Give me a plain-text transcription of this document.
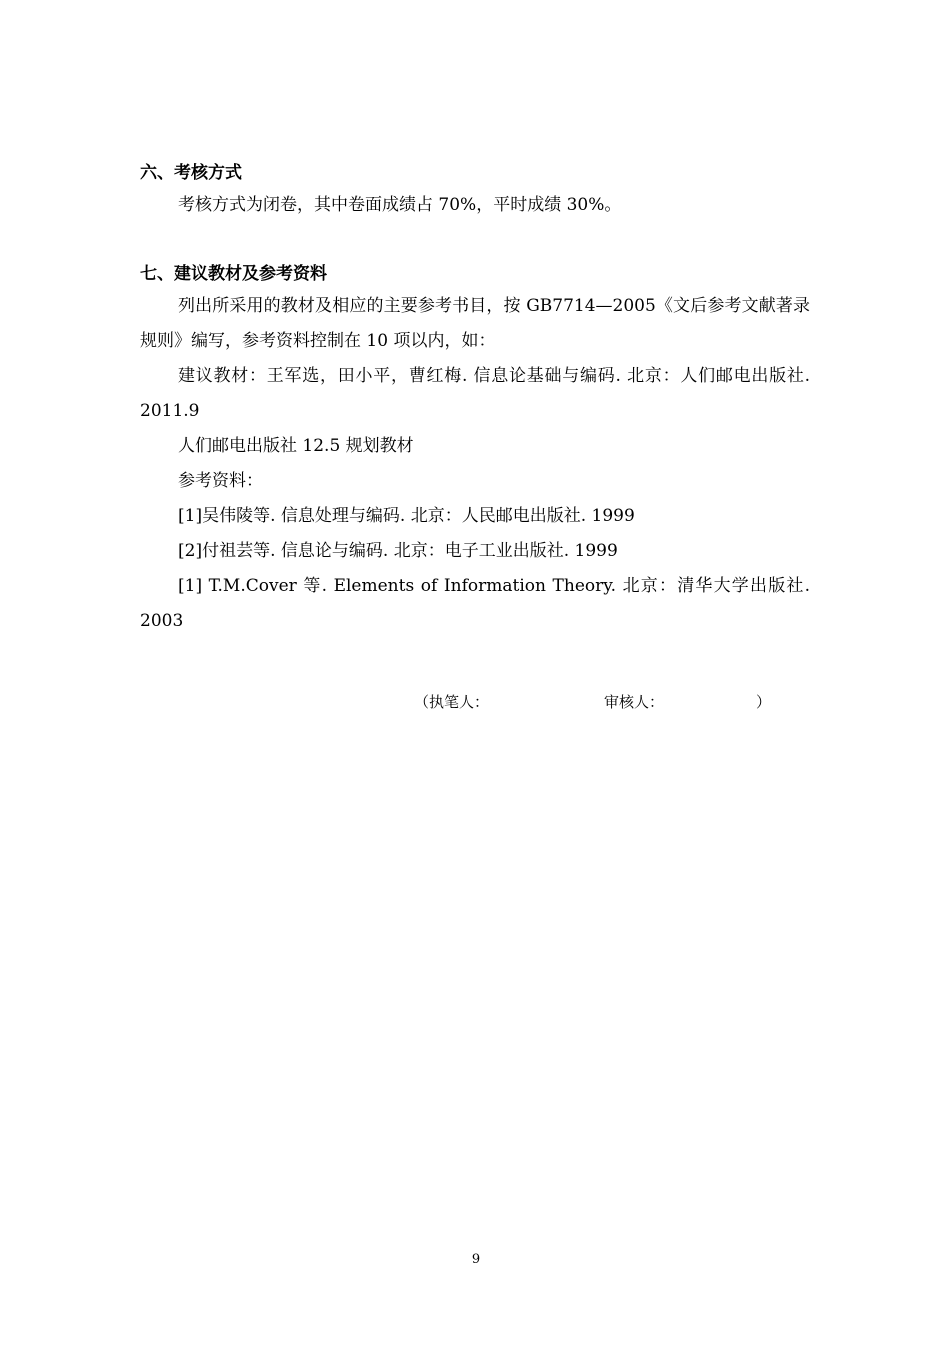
六、考核方式

考核方式为闭卷，其中卷面成绩占 70%，平时成绩 30%。

七、建议教材及参考资料

列出所采用的教材及相应的主要参考书目，按 GB7714—2005《文后参考文献著录规则》编写，参考资料控制在 10 项以内，如：

建议教材：王军选，田小平，曹红梅. 信息论基础与编码. 北京：人们邮电出版社. 2011.9

人们邮电出版社 12.5 规划教材

参考资料：

[1]吴伟陵等. 信息处理与编码. 北京：人民邮电出版社. 1999

[2]付祖芸等. 信息论与编码. 北京：电子工业出版社. 1999

[1] T.M.Cover 等. Elements of Information Theory. 北京：清华大学出版社. 2003

（执笔人：	审核人：	）
9
